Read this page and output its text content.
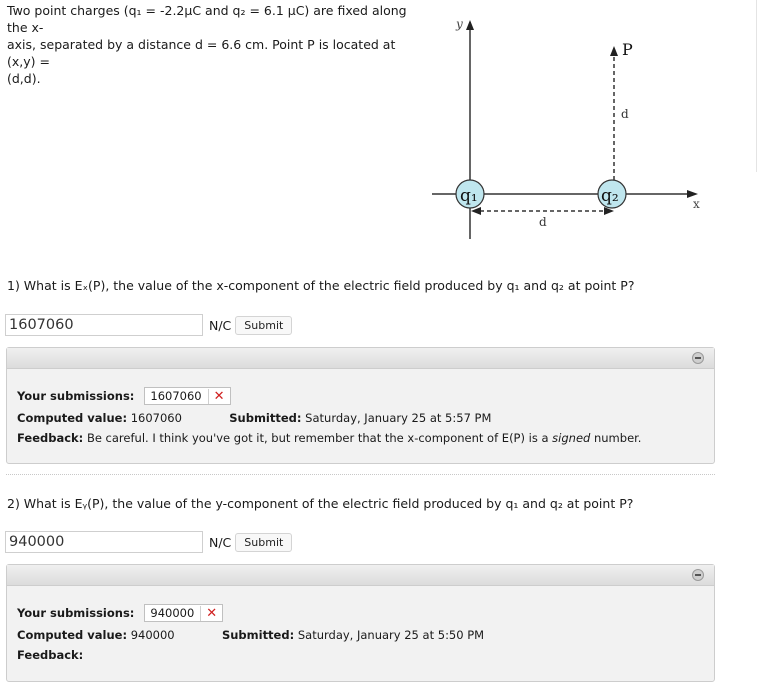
Two point charges (q₁ = -2.2μC and q₂ = 6.1 μC) are fixed along the x-
axis, separated by a distance d = 6.6 cm. Point P is located at (x,y) =
(d,d).
y
x
P
d
d
q₁	q₂
1) What is Eₓ(P), the value of the x-component of the electric field produced by q₁ and q₂ at point P?
1607060
N/C	Submit
Your submissions: 1607060 ✕
Computed value: 1607060	Submitted: Saturday, January 25 at 5:57 PM
Feedback: Be careful. I think you've got it, but remember that the x-component of E(P) is a signed number.
2) What is Eᵧ(P), the value of the y-component of the electric field produced by q₁ and q₂ at point P?
940000
N/C	Submit
Your submissions: 940000 ✕
Computed value: 940000	Submitted: Saturday, January 25 at 5:50 PM
Feedback:
